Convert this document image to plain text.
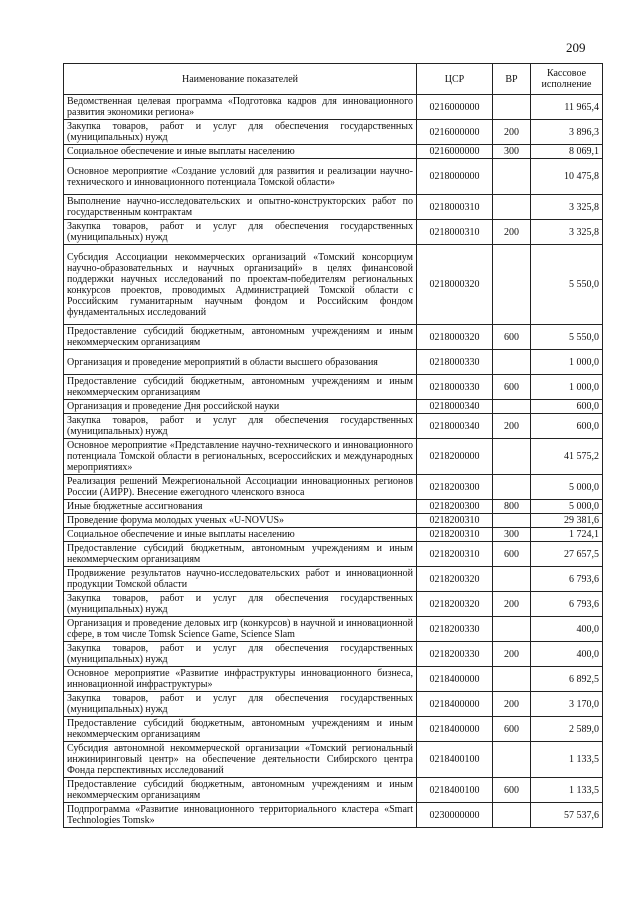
209
Наименование показателей	ЦСР	ВР	Кассовое исполнение
Ведомственная целевая программа «Подготовка кадров для инновационного развития экономики региона»	0216000000		11 965,4
Закупка товаров, работ и услуг для обеспечения государственных (муниципальных) нужд	0216000000	200	3 896,3
Социальное обеспечение и иные выплаты населению	0216000000	300	8 069,1
Основное мероприятие «Создание условий для развития и реализации научно-технического и инновационного потенциала Томской области»	0218000000		10 475,8
Выполнение научно-исследовательских и опытно-конструкторских работ по государственным контрактам	0218000310		3 325,8
Закупка товаров, работ и услуг для обеспечения государственных (муниципальных) нужд	0218000310	200	3 325,8
Субсидия Ассоциации некоммерческих организаций «Томский консорциум научно-образовательных и научных организаций» в целях финансовой поддержки научных исследований по проектам-победителям региональных конкурсов проектов, проводимых Администрацией Томской области с Российским гуманитарным научным фондом и Российским фондом фундаментальных исследований	0218000320		5 550,0
Предоставление субсидий бюджетным, автономным учреждениям и иным некоммерческим организациям	0218000320	600	5 550,0
Организация и проведение мероприятий в области высшего образования	0218000330		1 000,0
Предоставление субсидий бюджетным, автономным учреждениям и иным некоммерческим организациям	0218000330	600	1 000,0
Организация и проведение Дня российской науки	0218000340		600,0
Закупка товаров, работ и услуг для обеспечения государственных (муниципальных) нужд	0218000340	200	600,0
Основное мероприятие «Представление научно-технического и инновационного потенциала Томской области в региональных, всероссийских и международных мероприятиях»	0218200000		41 575,2
Реализация решений Межрегиональной Ассоциации инновационных регионов России (АИРР). Внесение ежегодного членского взноса	0218200300		5 000,0
Иные бюджетные ассигнования	0218200300	800	5 000,0
Проведение форума молодых ученых «U-NOVUS»	0218200310		29 381,6
Социальное обеспечение и иные выплаты населению	0218200310	300	1 724,1
Предоставление субсидий бюджетным, автономным учреждениям и иным некоммерческим организациям	0218200310	600	27 657,5
Продвижение результатов научно-исследовательских работ и инновационной продукции Томской области	0218200320		6 793,6
Закупка товаров, работ и услуг для обеспечения государственных (муниципальных) нужд	0218200320	200	6 793,6
Организация и проведение деловых игр (конкурсов) в научной и инновационной сфере, в том числе Tomsk Science Game, Science Slam	0218200330		400,0
Закупка товаров, работ и услуг для обеспечения государственных (муниципальных) нужд	0218200330	200	400,0
Основное мероприятие «Развитие инфраструктуры инновационного бизнеса, инновационной инфраструктуры»	0218400000		6 892,5
Закупка товаров, работ и услуг для обеспечения государственных (муниципальных) нужд	0218400000	200	3 170,0
Предоставление субсидий бюджетным, автономным учреждениям и иным некоммерческим организациям	0218400000	600	2 589,0
Субсидия автономной некоммерческой организации «Томский региональный инжиниринговый центр» на обеспечение деятельности Сибирского центра Фонда перспективных исследований	0218400100		1 133,5
Предоставление субсидий бюджетным, автономным учреждениям и иным некоммерческим организациям	0218400100	600	1 133,5
Подпрограмма «Развитие инновационного территориального кластера «Smart Technologies Tomsk»	0230000000		57 537,6
